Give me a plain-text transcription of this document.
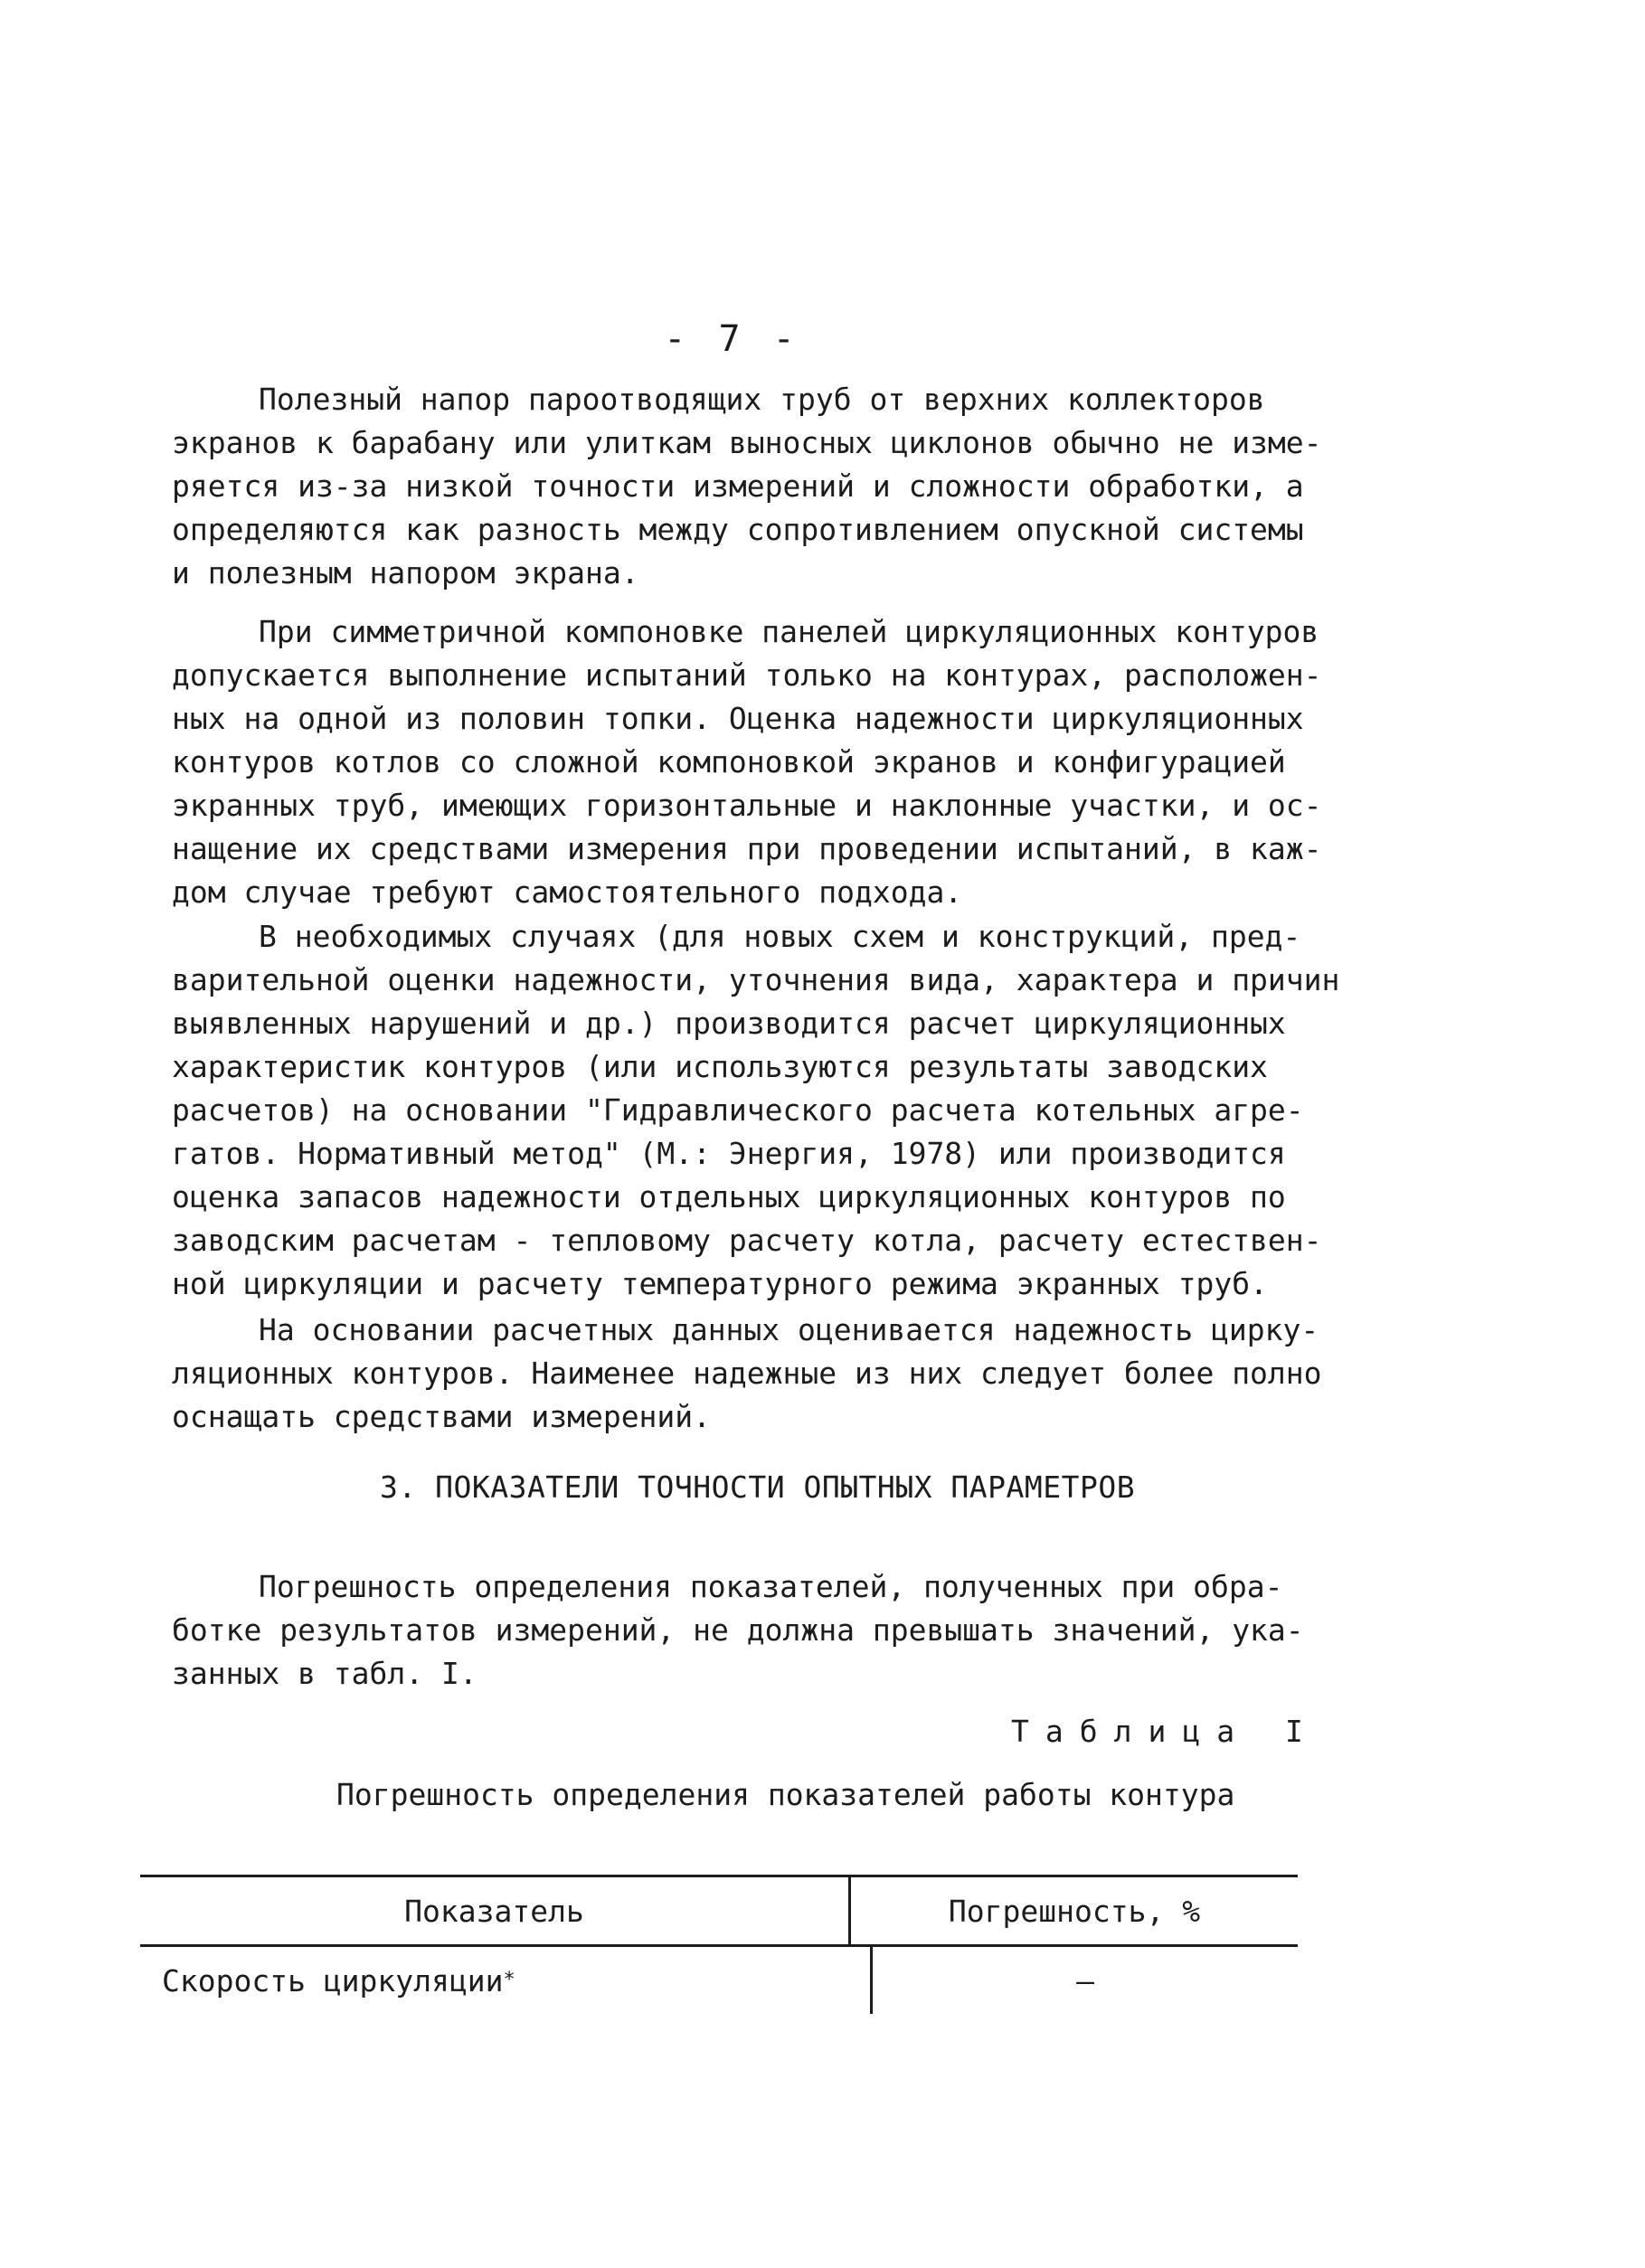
- 7 -
Полезный напор пароотводящих труб от верхних коллекторов
экранов к барабану или улиткам выносных циклонов обычно не изме-
ряется из-за низкой точности измерений и сложности обработки, а
определяются как разность между сопротивлением опускной системы
и полезным напором экрана.
При симметричной компоновке панелей циркуляционных контуров
допускается выполнение испытаний только на контурах, расположен-
ных на одной из половин топки. Оценка надежности циркуляционных
контуров котлов со сложной компоновкой экранов и конфигурацией
экранных труб, имеющих горизонтальные и наклонные участки, и ос-
нащение их средствами измерения при проведении испытаний, в каж-
дом случае требуют самостоятельного подхода.
В необходимых случаях (для новых схем и конструкций, пред-
варительной оценки надежности, уточнения вида, характера и причин
выявленных нарушений и др.) производится расчет циркуляционных
характеристик контуров (или используются результаты заводских
расчетов) на основании "Гидравлического расчета котельных агре-
гатов. Нормативный метод" (М.: Энергия, 1978) или производится
оценка запасов надежности отдельных циркуляционных контуров по
заводским расчетам - тепловому расчету котла, расчету естествен-
ной циркуляции и расчету температурного режима экранных труб.
На основании расчетных данных оценивается надежность цирку-
ляционных контуров. Наименее надежные из них следует более полно
оснащать средствами измерений.
3. ПОКАЗАТЕЛИ ТОЧНОСТИ ОПЫТНЫХ ПАРАМЕТРОВ
Погрешность определения показателей, полученных при обра-
ботке результатов измерений, не должна превышать значений, ука-
занных в табл. I.
Таблица I
Погрешность определения показателей работы контура
Показатель	Погрешность, %
Скорость циркуляции *	–
